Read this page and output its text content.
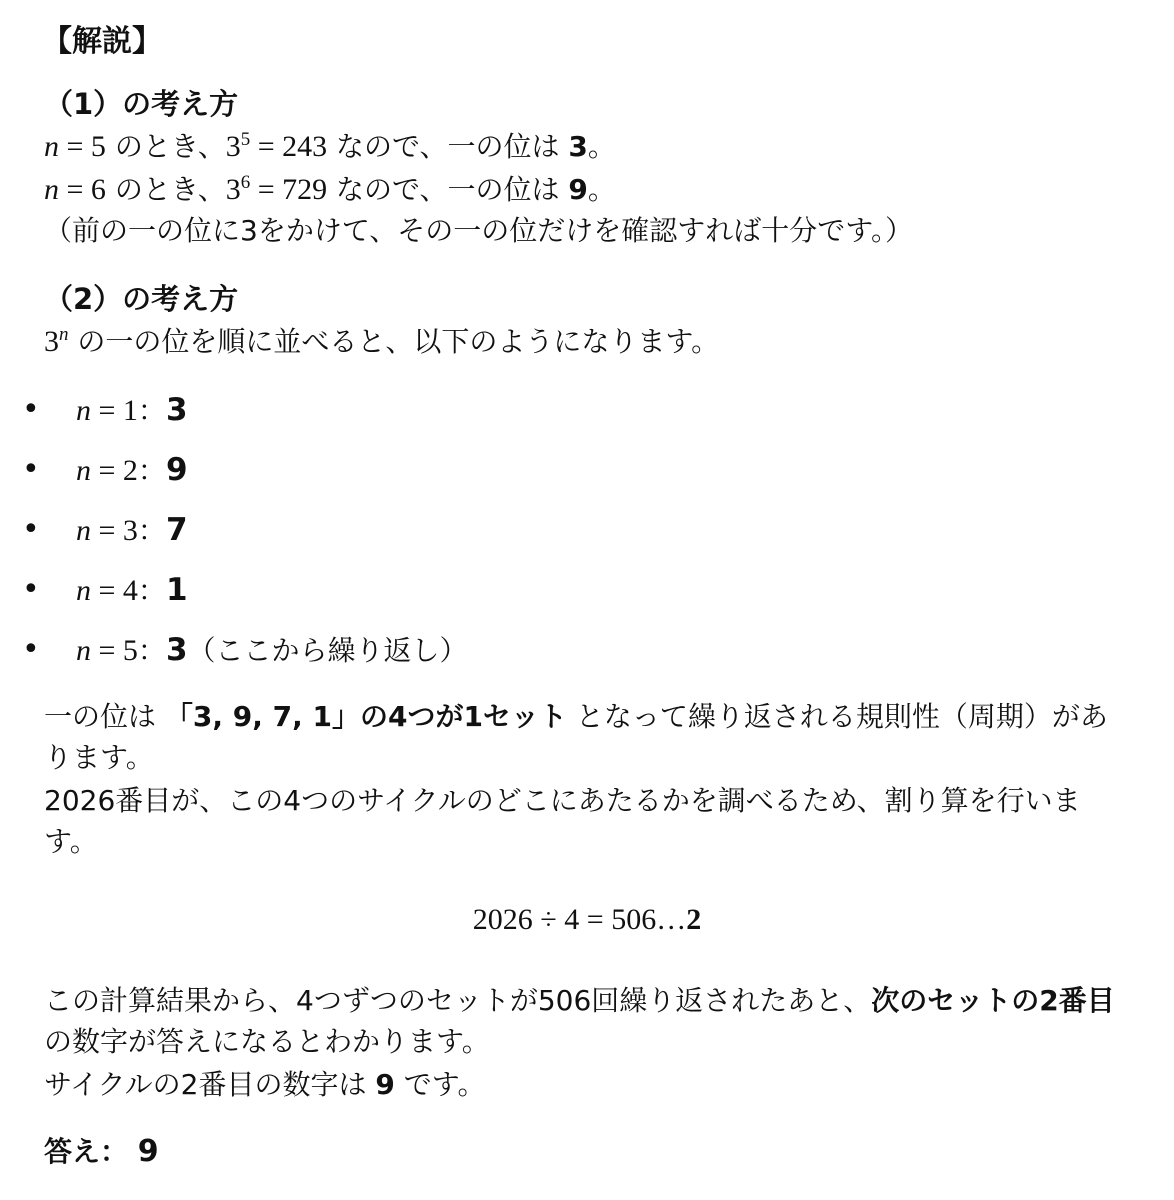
【解説】
（1）の考え方
n = 5 のとき、$3^5 = 243$ なので、一の位は 3。
n = 6 のとき、$3^6 = 729$ なので、一の位は 9。
（前の一の位に3をかけて、その一の位だけを確認すれば十分です。）
（2）の考え方
3$^n$ の一の位を順に並べると、以下のようになります。
• n = 1：3
• n = 2：9
• n = 3：7
• n = 4：1
• n = 5：3（ここから繰り返し）
一の位は 「3, 9, 7, 1」の4つが1セット となって繰り返される規則性（周期）があります。
2026番目が、この4つのサイクルのどこにあたるかを調べるため、割り算を行います。
2026 ÷ 4 = 506…2
この計算結果から、4つずつのセットが506回繰り返されたあと、次のセットの2番目の数字が答えになるとわかります。
サイクルの2番目の数字は 9 です。
答え： 9
